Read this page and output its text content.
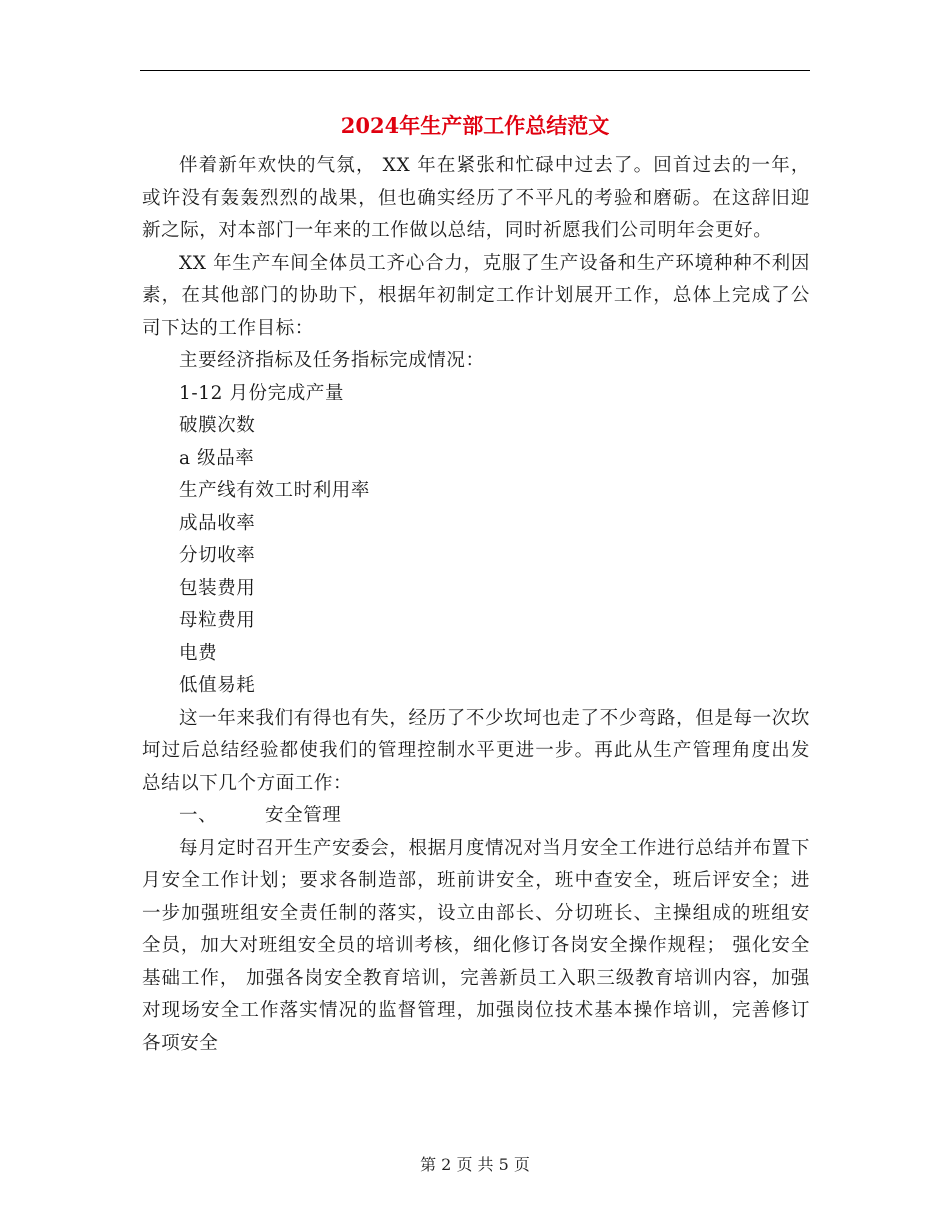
2024年生产部工作总结范文

伴着新年欢快的气氛， XX 年在紧张和忙碌中过去了。回首过去的一年，或许没有轰轰烈烈的战果，但也确实经历了不平凡的考验和磨砺。在这辞旧迎新之际，对本部门一年来的工作做以总结，同时祈愿我们公司明年会更好。

XX 年生产车间全体员工齐心合力，克服了生产设备和生产环境种种不利因素，在其他部门的协助下，根据年初制定工作计划展开工作，总体上完成了公司下达的工作目标：

主要经济指标及任务指标完成情况：

1-12 月份完成产量

破膜次数

a 级品率

生产线有效工时利用率

成品收率

分切收率

包装费用

母粒费用

电费

低值易耗

这一年来我们有得也有失，经历了不少坎坷也走了不少弯路，但是每一次坎坷过后总结经验都使我们的管理控制水平更进一步。再此从生产管理角度出发总结以下几个方面工作：

一、	安全管理

每月定时召开生产安委会，根据月度情况对当月安全工作进行总结并布置下月安全工作计划；要求各制造部，班前讲安全，班中查安全，班后评安全；进一步加强班组安全责任制的落实，设立由部长、分切班长、主操组成的班组安全员，加大对班组安全员的培训考核，细化修订各岗安全操作规程； 强化安全基础工作， 加强各岗安全教育培训，完善新员工入职三级教育培训内容，加强对现场安全工作落实情况的监督管理，加强岗位技术基本操作培训，完善修订各项安全

第 2 页 共 5 页
